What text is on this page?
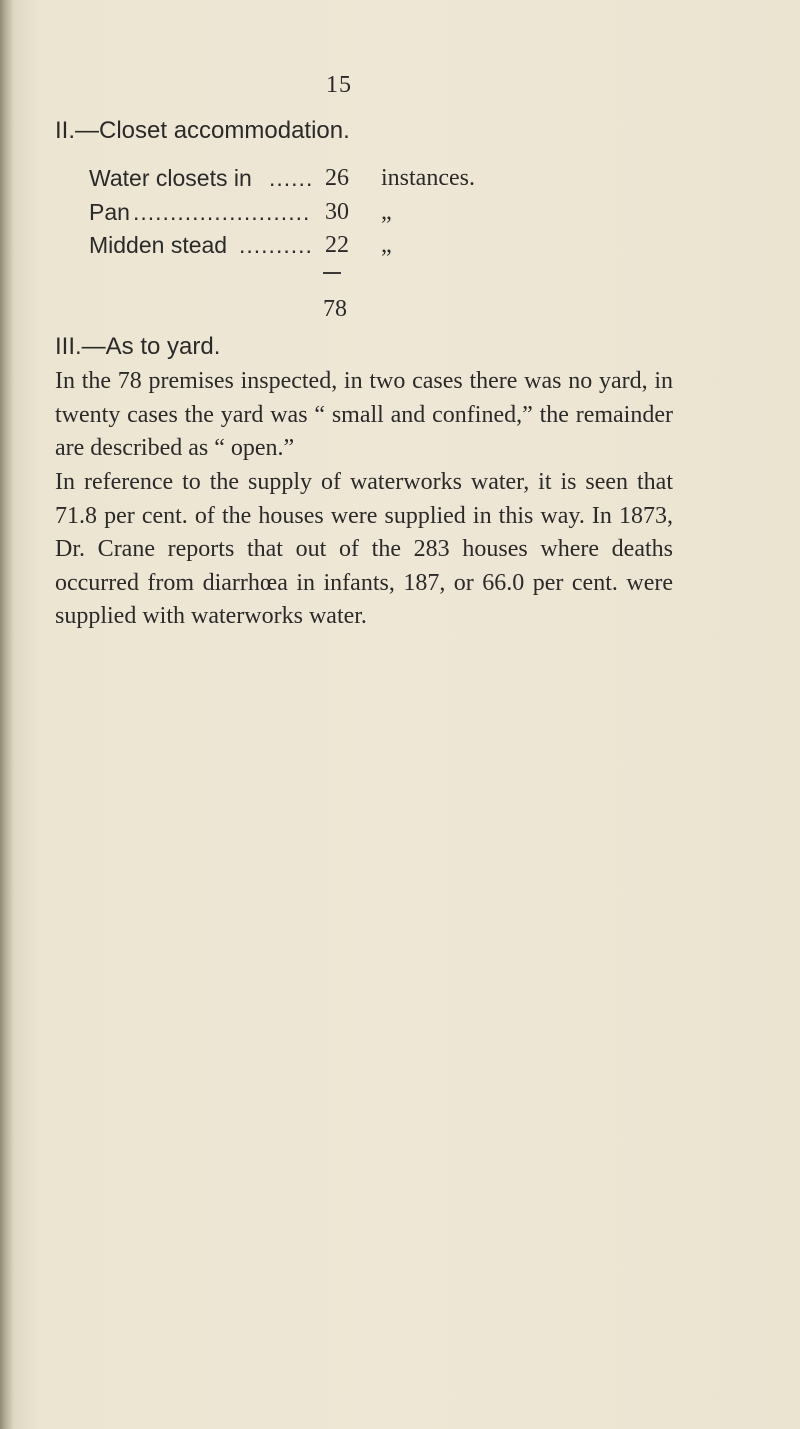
15
II.—Closet accommodation.
Water closets in ...... 26 instances.
Pan ........................ 30 „
Midden stead .......... 22 „
78
III.—As to yard.
In the 78 premises inspected, in two cases there was no yard, in twenty cases the yard was “ small and confined,” the remainder are described as “ open.”
In reference to the supply of waterworks water, it is seen that 71.8 per cent. of the houses were supplied in this way. In 1873, Dr. Crane reports that out of the 283 houses where deaths occurred from diarrhœa in infants, 187, or 66.0 per cent. were supplied with waterworks water.
